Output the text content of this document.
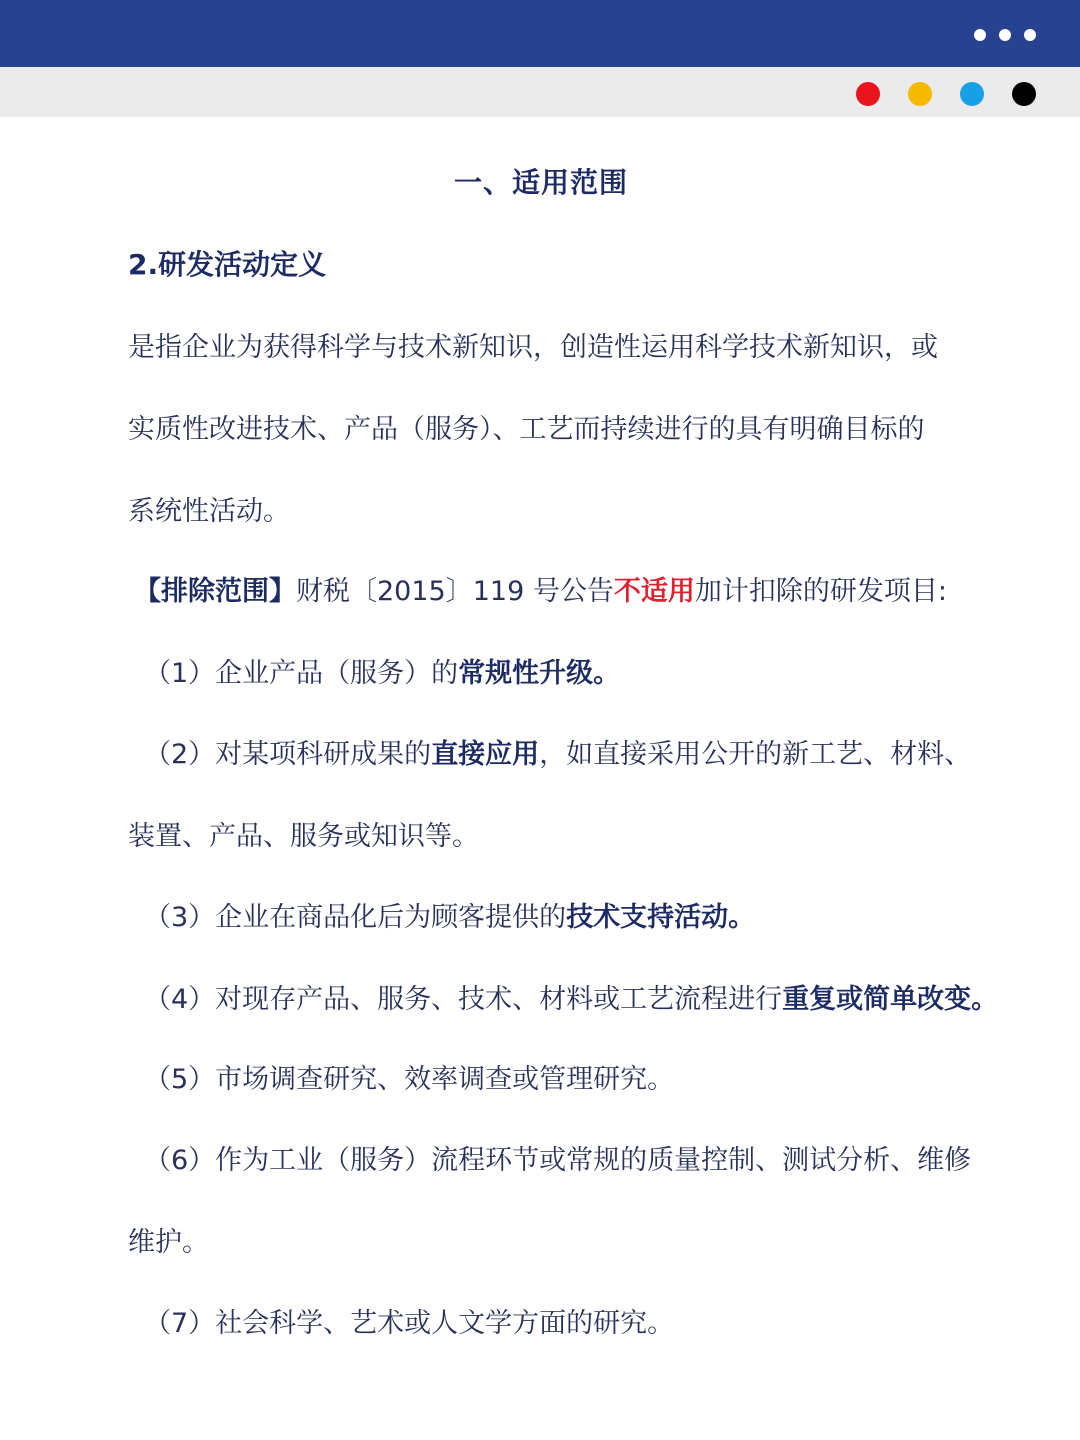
一、适用范围
2.研发活动定义
是指企业为获得科学与技术新知识，创造性运用科学技术新知识，或
实质性改进技术、产品（服务）、工艺而持续进行的具有明确目标的
系统性活动。
【排除范围】财税〔2015〕119 号公告不适用加计扣除的研发项目:
（1）企业产品（服务）的常规性升级。
（2）对某项科研成果的直接应用，如直接采用公开的新工艺、材料、
装置、产品、服务或知识等。
（3）企业在商品化后为顾客提供的技术支持活动。
（4）对现存产品、服务、技术、材料或工艺流程进行重复或简单改变。
（5）市场调查研究、效率调查或管理研究。
（6）作为工业（服务）流程环节或常规的质量控制、测试分析、维修
维护。
（7）社会科学、艺术或人文学方面的研究。
